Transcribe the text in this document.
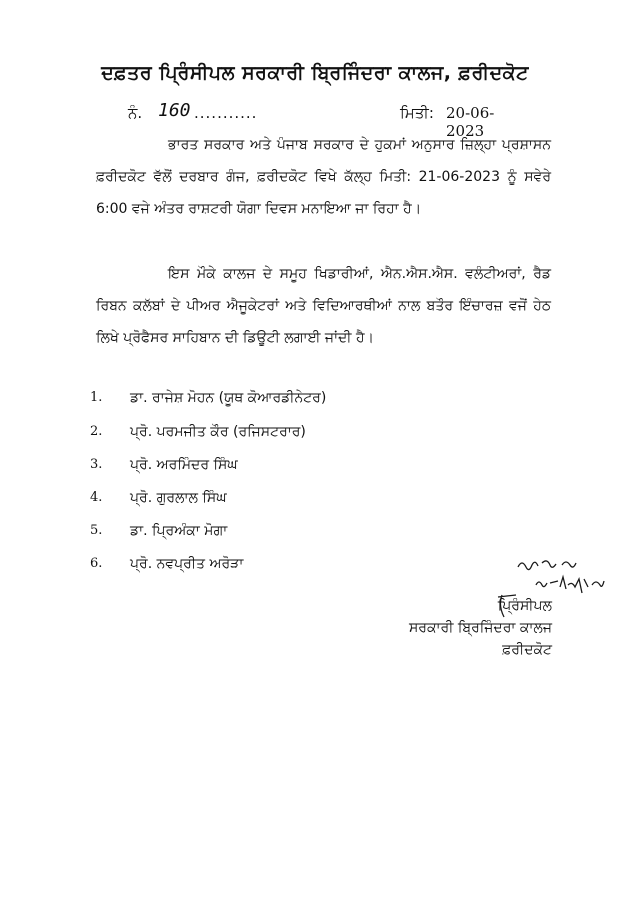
ਦਫ਼ਤਰ ਪ੍ਰਿੰਸੀਪਲ ਸਰਕਾਰੀ ਬ੍ਰਿਜਿੰਦਰਾ ਕਾਲਜ, ਫ਼ਰੀਦਕੋਟ
ਨੰ. 160 ...........	ਮਿਤੀ: 20-06-2023

ਭਾਰਤ ਸਰਕਾਰ ਅਤੇ ਪੰਜਾਬ ਸਰਕਾਰ ਦੇ ਹੁਕਮਾਂ ਅਨੁਸਾਰ ਜ਼ਿਲ੍ਹਾ ਪ੍ਰਸ਼ਾਸਨ ਫ਼ਰੀਦਕੋਟ ਵੱਲੋਂ ਦਰਬਾਰ ਗੰਜ, ਫ਼ਰੀਦਕੋਟ ਵਿਖੇ ਕੱਲ੍ਹ ਮਿਤੀ: 21-06-2023 ਨੂੰ ਸਵੇਰੇ 6:00 ਵਜੇ ਅੰਤਰ ਰਾਸ਼ਟਰੀ ਯੋਗਾ ਦਿਵਸ ਮਨਾਇਆ ਜਾ ਰਿਹਾ ਹੈ।

ਇਸ ਮੌਕੇ ਕਾਲਜ ਦੇ ਸਮੂਹ ਖਿਡਾਰੀਆਂ, ਐਨ.ਐਸ.ਐਸ. ਵਲੰਟੀਅਰਾਂ, ਰੈਡ ਰਿਬਨ ਕਲੱਬਾਂ ਦੇ ਪੀਅਰ ਐਜੂਕੇਟਰਾਂ ਅਤੇ ਵਿਦਿਆਰਥੀਆਂ ਨਾਲ ਬਤੌਰ ਇੰਚਾਰਜ਼ ਵਜੋਂ ਹੇਠ ਲਿਖੇ ਪ੍ਰੋਫੈਸਰ ਸਾਹਿਬਾਨ ਦੀ ਡਿਊਟੀ ਲਗਾਈ ਜਾਂਦੀ ਹੈ।

1. ਡਾ. ਰਾਜੇਸ਼ ਮੋਹਨ (ਯੂਥ ਕੋਆਰਡੀਨੇਟਰ)
2. ਪ੍ਰੋ. ਪਰਮਜੀਤ ਕੌਰ (ਰਜਿਸਟਰਾਰ)
3. ਪ੍ਰੋ. ਅਰਮਿੰਦਰ ਸਿੰਘ
4. ਪ੍ਰੋ. ਗੁਰਲਾਲ ਸਿੰਘ
5. ਡਾ. ਪ੍ਰਿਅੰਕਾ ਮੋਗਾ
6. ਪ੍ਰੋ. ਨਵਪ੍ਰੀਤ ਅਰੋੜਾ
ਪ੍ਰਿੰਸੀਪਲ
ਸਰਕਾਰੀ ਬ੍ਰਿਜਿੰਦਰਾ ਕਾਲਜ
ਫ਼ਰੀਦਕੋਟ
